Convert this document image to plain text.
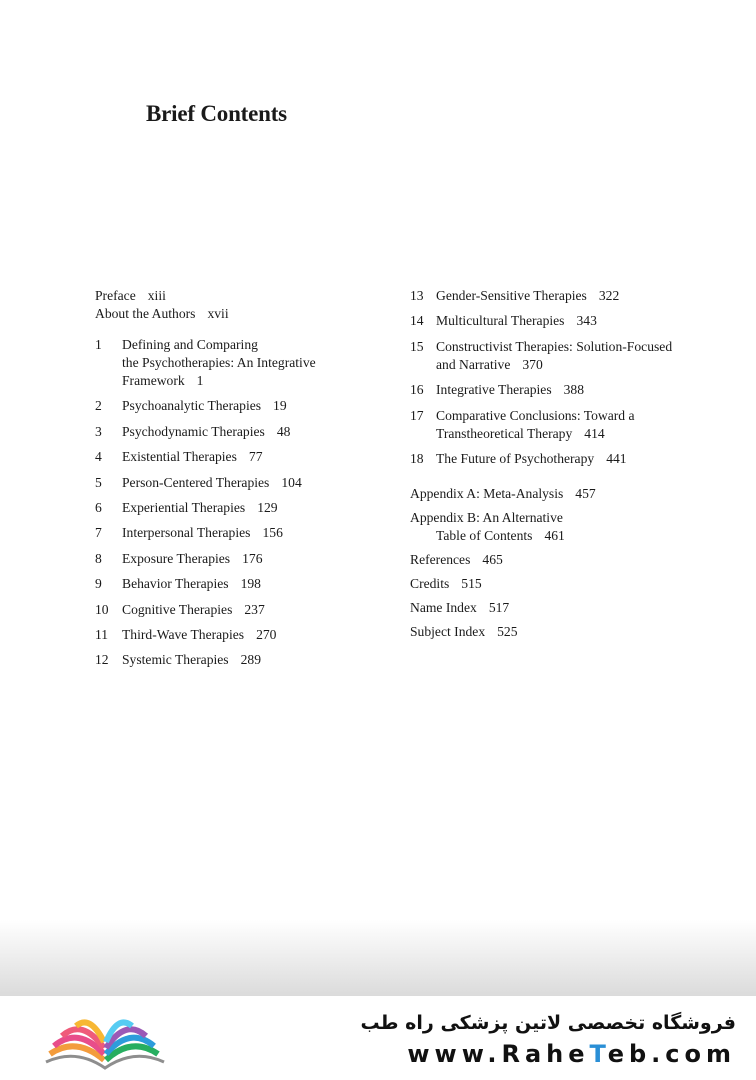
Brief Contents
Preface xiii
About the Authors xvii
1	Defining and Comparing
the Psychotherapies: An Integrative
Framework 1
2	Psychoanalytic Therapies 19
3	Psychodynamic Therapies 48
4	Existential Therapies 77
5	Person-Centered Therapies 104
6	Experiential Therapies 129
7	Interpersonal Therapies 156
8	Exposure Therapies 176
9	Behavior Therapies 198
10 Cognitive Therapies 237
11	Third-Wave Therapies 270
12 Systemic Therapies 289
13 Gender-Sensitive Therapies 322
14 Multicultural Therapies 343
15 Constructivist Therapies: Solution-Focused
and Narrative 370
16 Integrative Therapies 388
17 Comparative Conclusions: Toward a
Transtheoretical Therapy 414
18 The Future of Psychotherapy 441
Appendix A: Meta-Analysis 457
Appendix B: An Alternative
Table of Contents 461
References 465
Credits 515
Name Index 517
Subject Index 525
فروشگاه تخصصی لاتین پزشکی راه طب
www.RaheTeb.com
